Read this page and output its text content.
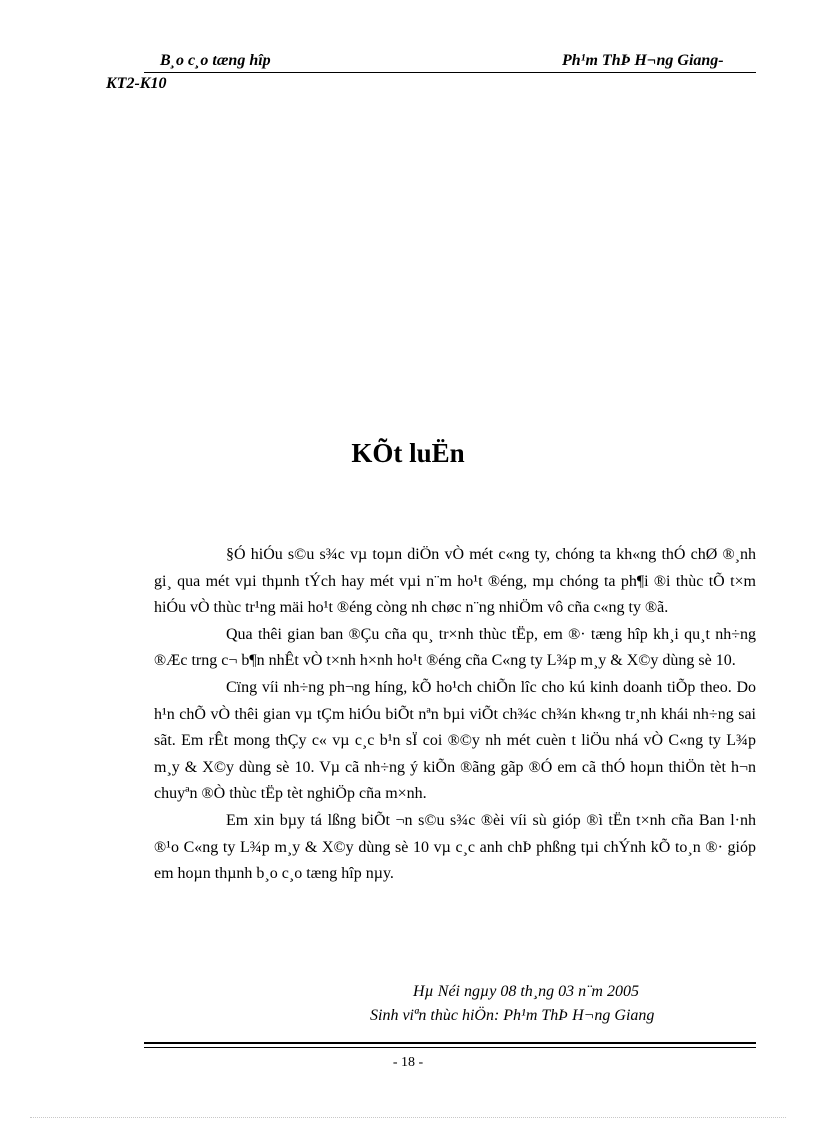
B¸o c¸o tæng hîp	Ph¹m ThÞ H¬ng Giang-
KT2-K10
KÕt luËn

§Ó hiÓu s©u s¾c vµ toµn diÖn vÒ mét c«ng ty, chóng ta kh«ng thÓ chØ ®¸nh gi¸ qua mét vµi thµnh tÝch hay mét vµi n¨m ho¹t ®éng, mµ chóng ta ph¶i ®i thùc tÕ t×m hiÓu vÒ thùc tr¹ng mäi ho¹t ®éng còng nh chøc n¨ng nhiÖm vô cña c«ng ty ®ã.

Qua thêi gian ban ®Çu cña qu¸ tr×nh thùc tËp, em ®· tæng hîp kh¸i qu¸t nh÷ng ®Æc trng c¬ b¶n nhÊt vÒ t×nh h×nh ho¹t ®éng cña C«ng ty L¾p m¸y & X©y dùng sè 10.

Cïng víi nh÷ng ph¬ng híng, kÕ ho¹ch chiÕn lîc cho kú kinh doanh tiÕp theo. Do h¹n chÕ vÒ thêi gian vµ tÇm hiÓu biÕt nªn bµi viÕt ch¾c ch¾n kh«ng tr¸nh khái nh÷ng sai sãt. Em rÊt mong thÇy c« vµ c¸c b¹n sÏ coi ®©y nh mét cuèn t liÖu nhá vÒ C«ng ty L¾p m¸y & X©y dùng sè 10. Vµ cã nh÷ng ý kiÕn ®ãng gãp ®Ó em cã thÓ hoµn thiÖn tèt h¬n chuyªn ®Ò thùc tËp tèt nghiÖp cña m×nh.

Em xin bµy tá lßng biÕt ¬n s©u s¾c ®èi víi sù gióp ®ì tËn t×nh cña Ban l·nh ®¹o C«ng ty L¾p m¸y & X©y dùng sè 10 vµ c¸c anh chÞ phßng tµi chÝnh kÕ to¸n ®· gióp em hoµn thµnh b¸o c¸o tæng hîp nµy.

Hµ Néi ngµy 08 th¸ng 03 n¨m 2005
Sinh viªn thùc hiÖn: Ph¹m ThÞ H¬ng Giang
- 18 -
